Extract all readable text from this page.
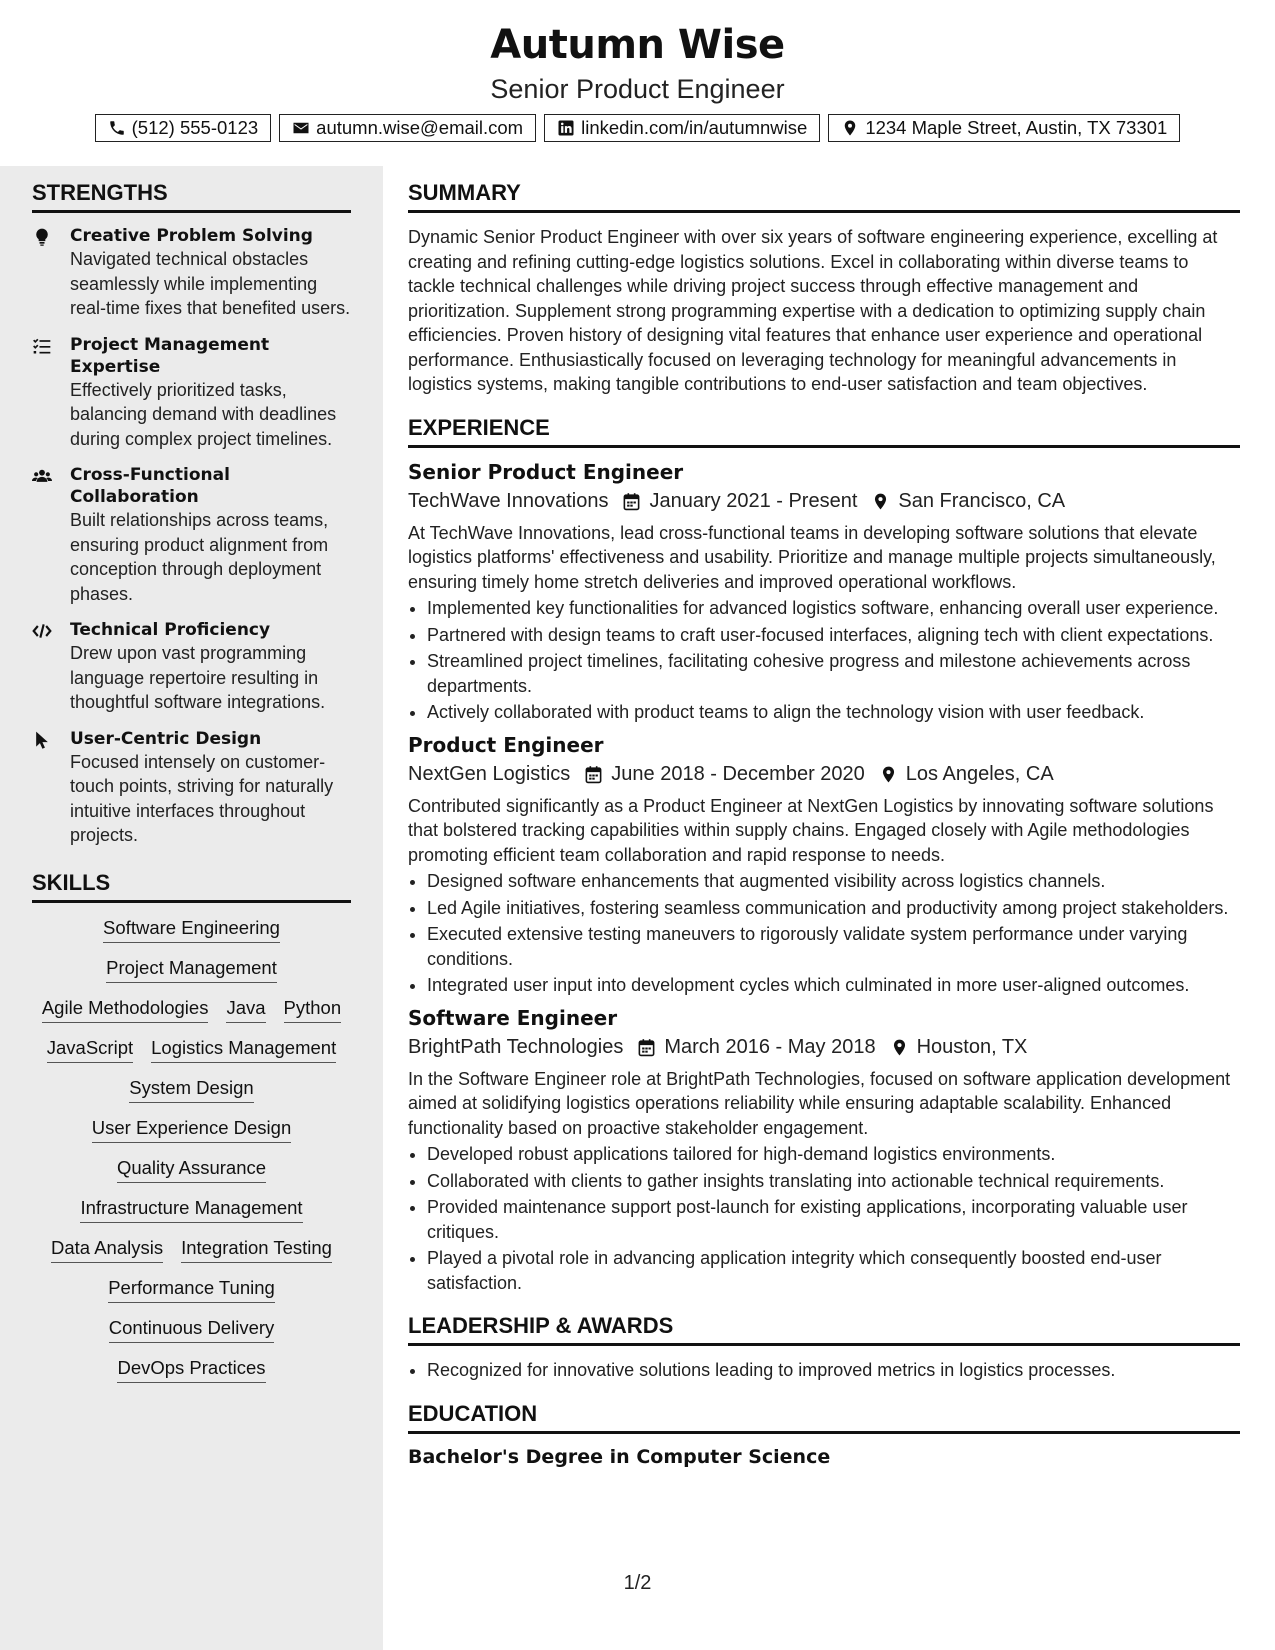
Autumn Wise
Senior Product Engineer
(512) 555-0123	autumn.wise@email.com	linkedin.com/in/autumnwise	1234 Maple Street, Austin, TX 73301
STRENGTHS
Creative Problem Solving
Navigated technical obstacles seamlessly while implementing real-time fixes that benefited users.
Project Management Expertise
Effectively prioritized tasks, balancing demand with deadlines during complex project timelines.
Cross-Functional Collaboration
Built relationships across teams, ensuring product alignment from conception through deployment phases.
Technical Proficiency
Drew upon vast programming language repertoire resulting in thoughtful software integrations.
User-Centric Design
Focused intensely on customer-touch points, striving for naturally intuitive interfaces throughout projects.
SKILLS
Software Engineering
Project Management
Agile Methodologies Java Python
JavaScript Logistics Management
System Design
User Experience Design
Quality Assurance
Infrastructure Management
Data Analysis Integration Testing
Performance Tuning
Continuous Delivery
DevOps Practices
SUMMARY

Dynamic Senior Product Engineer with over six years of software engineering experience, excelling at creating and refining cutting-edge logistics solutions. Excel in collaborating within diverse teams to tackle technical challenges while driving project success through effective management and prioritization. Supplement strong programming expertise with a dedication to optimizing supply chain efficiencies. Proven history of designing vital features that enhance user experience and operational performance. Enthusiastically focused on leveraging technology for meaningful advancements in logistics systems, making tangible contributions to end-user satisfaction and team objectives.

EXPERIENCE
Senior Product Engineer
TechWave Innovations January 2021 - Present San Francisco, CA
At TechWave Innovations, lead cross-functional teams in developing software solutions that elevate logistics platforms' effectiveness and usability. Prioritize and manage multiple projects simultaneously, ensuring timely home stretch deliveries and improved operational workflows.
• Implemented key functionalities for advanced logistics software, enhancing overall user experience.
• Partnered with design teams to craft user-focused interfaces, aligning tech with client expectations.
• Streamlined project timelines, facilitating cohesive progress and milestone achievements across departments.
• Actively collaborated with product teams to align the technology vision with user feedback.
Product Engineer
NextGen Logistics June 2018 - December 2020 Los Angeles, CA
Contributed significantly as a Product Engineer at NextGen Logistics by innovating software solutions that bolstered tracking capabilities within supply chains. Engaged closely with Agile methodologies promoting efficient team collaboration and rapid response to needs.
• Designed software enhancements that augmented visibility across logistics channels.
• Led Agile initiatives, fostering seamless communication and productivity among project stakeholders.
• Executed extensive testing maneuvers to rigorously validate system performance under varying conditions.
• Integrated user input into development cycles which culminated in more user-aligned outcomes.
Software Engineer
BrightPath Technologies March 2016 - May 2018 Houston, TX
In the Software Engineer role at BrightPath Technologies, focused on software application development aimed at solidifying logistics operations reliability while ensuring adaptable scalability. Enhanced functionality based on proactive stakeholder engagement.
• Developed robust applications tailored for high-demand logistics environments.
• Collaborated with clients to gather insights translating into actionable technical requirements.
• Provided maintenance support post-launch for existing applications, incorporating valuable user critiques.
• Played a pivotal role in advancing application integrity which consequently boosted end-user satisfaction.
LEADERSHIP & AWARDS
• Recognized for innovative solutions leading to improved metrics in logistics processes.
EDUCATION
Bachelor's Degree in Computer Science
1/2
